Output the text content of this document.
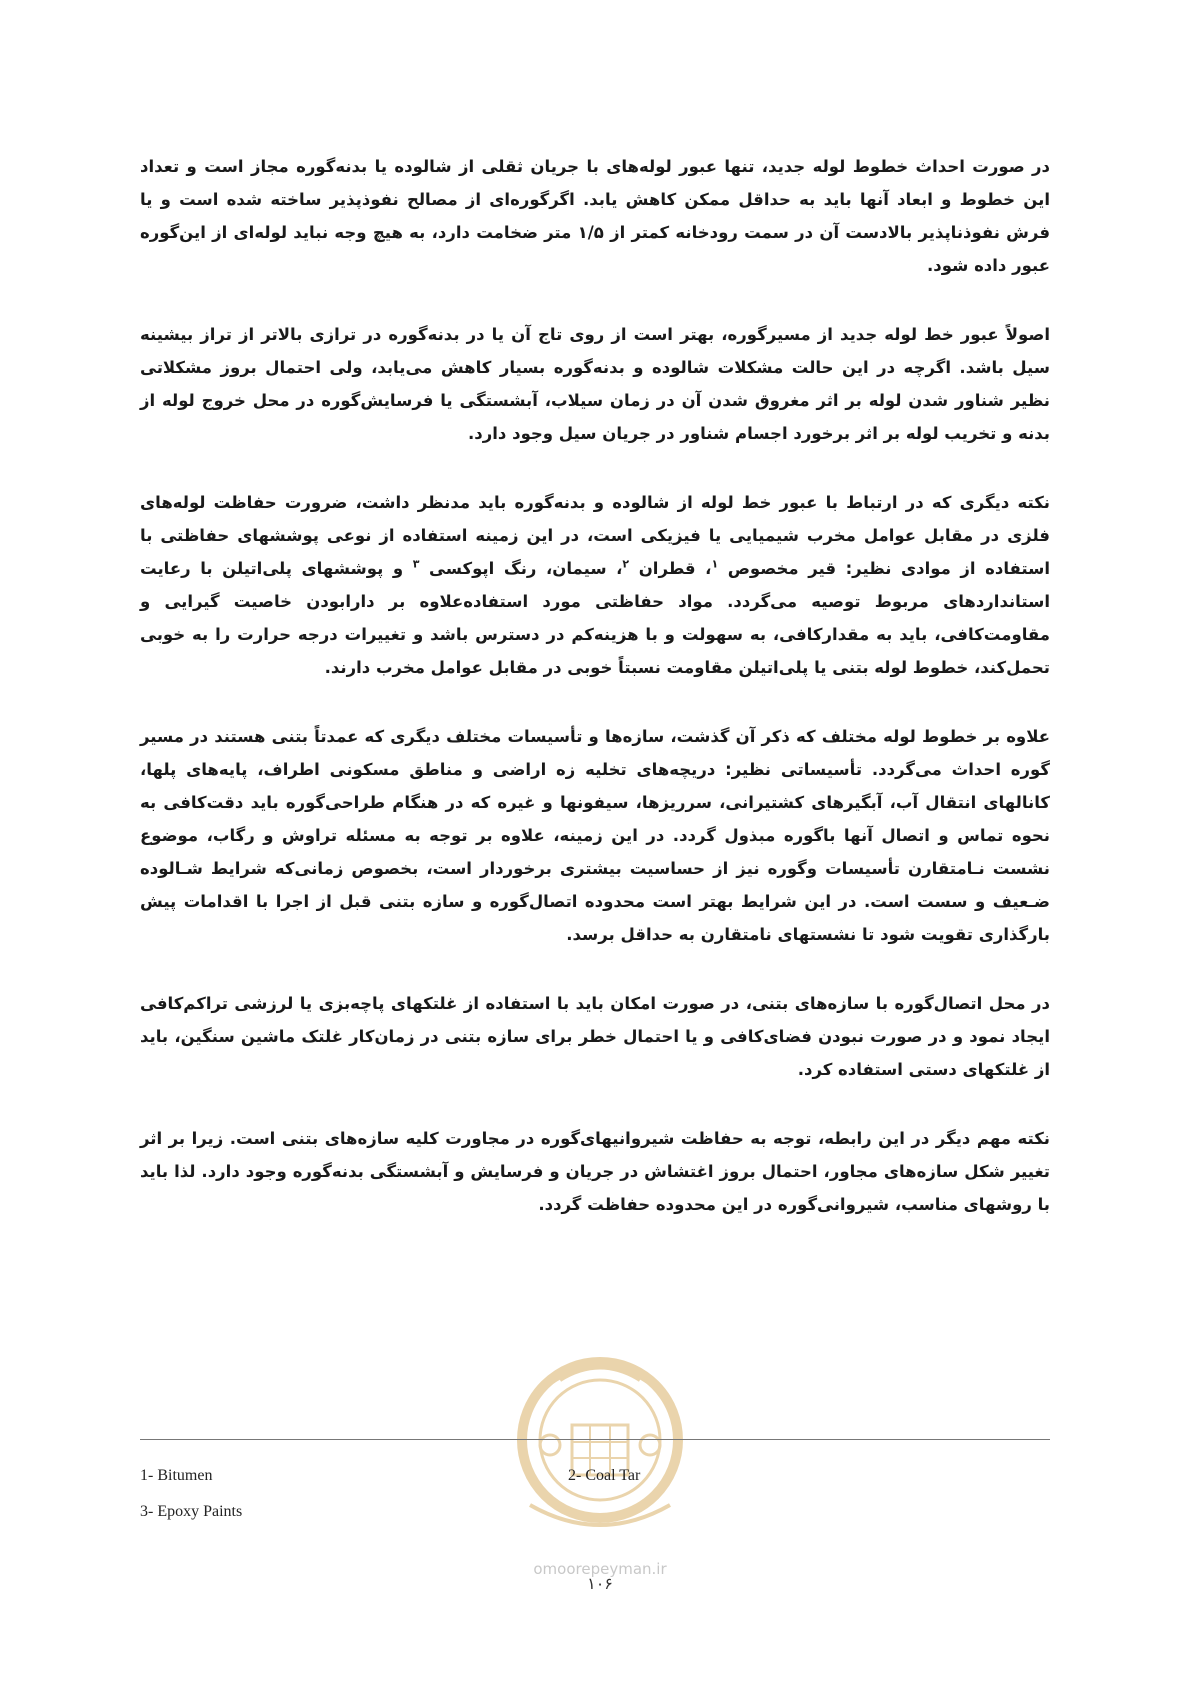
در صورت احداث خطوط لوله جدید، تنها عبور لوله‌های با جریان ثقلی از شالوده یا بدنه‌گوره مجاز است و تعداد این خطوط و ابعاد آنها باید به حداقل ممکن کاهش یابد. اگرگوره‌ای از مصالح نفوذپذیر ساخته شده است و یا فرش نفوذناپذیر بالادست آن در سمت رودخانه کمتر از ۱/۵ متر ضخامت دارد، به هیچ وجه نباید لوله‌ای از این‌گوره عبور داده شود.

اصولاً عبور خط لوله جدید از مسیرگوره، بهتر است از روی تاج آن یا در بدنه‌گوره در ترازی بالاتر از تراز بیشینه سیل باشد. اگرچه در این حالت مشکلات شالوده و بدنه‌گوره بسیار کاهش می‌یابد، ولی احتمال بروز مشکلاتی نظیر شناور شدن لوله بر اثر مغروق شدن آن در زمان سیلاب، آبشستگی یا فرسایش‌گوره در محل خروج لوله از بدنه و تخریب لوله بر اثر برخورد اجسام شناور در جریان سیل وجود دارد.

نکته دیگری که در ارتباط با عبور خط لوله از شالوده و بدنه‌گوره باید مدنظر داشت، ضرورت حفاظت لوله‌های فلزی در مقابل عوامل مخرب شیمیایی یا فیزیکی است، در این زمینه استفاده از نوعی پوششهای حفاظتی با استفاده از موادی نظیر: قیر مخصوص $^۱$، قطران $^۲$، سیمان، رنگ اپوکسی $^۳$ و پوششهای پلی‌اتیلن با رعایت استانداردهای مربوط توصیه می‌گردد. مواد حفاظتی مورد استفاده‌علاوه بر دارابودن خاصیت گیرایی و مقاومت‌کافی، باید به مقدارکافی، به سهولت و با هزینه‌کم در دسترس باشد و تغییرات درجه حرارت را به خوبی تحمل‌کند، خطوط لوله بتنی یا پلی‌اتیلن مقاومت نسبتاً خوبی در مقابل عوامل مخرب دارند.

علاوه بر خطوط لوله مختلف که ذکر آن گذشت، سازه‌ها و تأسیسات مختلف دیگری که عمدتاً بتنی هستند در مسیر گوره احداث می‌گردد. تأسیساتی نظیر: دریچه‌های تخلیه زه اراضی و مناطق مسکونی اطراف، پایه‌های پلها، کانالهای انتقال آب، آبگیرهای کشتیرانی، سرریزها، سیفونها و غیره که در هنگام طراحی‌گوره باید دقت‌کافی به نحوه تماس و اتصال آنها باگوره مبذول گردد. در این زمینه، علاوه بر توجه به مسئله تراوش و رگاب، موضوع نشست نـامتقارن تأسیسات وگوره نیز از حساسیت بیشتری برخوردار است، بخصوص زمانی‌که شرایط شـالوده ضـعیف و سست است. در این شرایط بهتر است محدوده اتصال‌گوره و سازه بتنی قبل از اجرا با اقدامات پیش بارگذاری تقویت شود تا نشستهای نامتقارن به حداقل برسد.

در محل اتصال‌گوره با سازه‌های بتنی، در صورت امکان باید با استفاده از غلتکهای پاچه‌بزی یا لرزشی تراکم‌کافی ایجاد نمود و در صورت نبودن فضای‌کافی و یا احتمال خطر برای سازه بتنی در زمان‌کار غلتک ماشین سنگین، باید از غلتکهای دستی استفاده کرد.

نکته مهم دیگر در این رابطه، توجه به حفاظت شیروانیهای‌گوره در مجاورت کلیه سازه‌های بتنی است. زیرا بر اثر تغییر شکل سازه‌های مجاور، احتمال بروز اغتشاش در جریان و فرسایش و آبشستگی بدنه‌گوره وجود دارد. لذا باید با روشهای مناسب، شیروانی‌گوره در این محدوده حفاظت گردد.

1- Bitumen	2- Coal Tar
3- Epoxy Paints
omoorepeyman.ir
۱۰۶
